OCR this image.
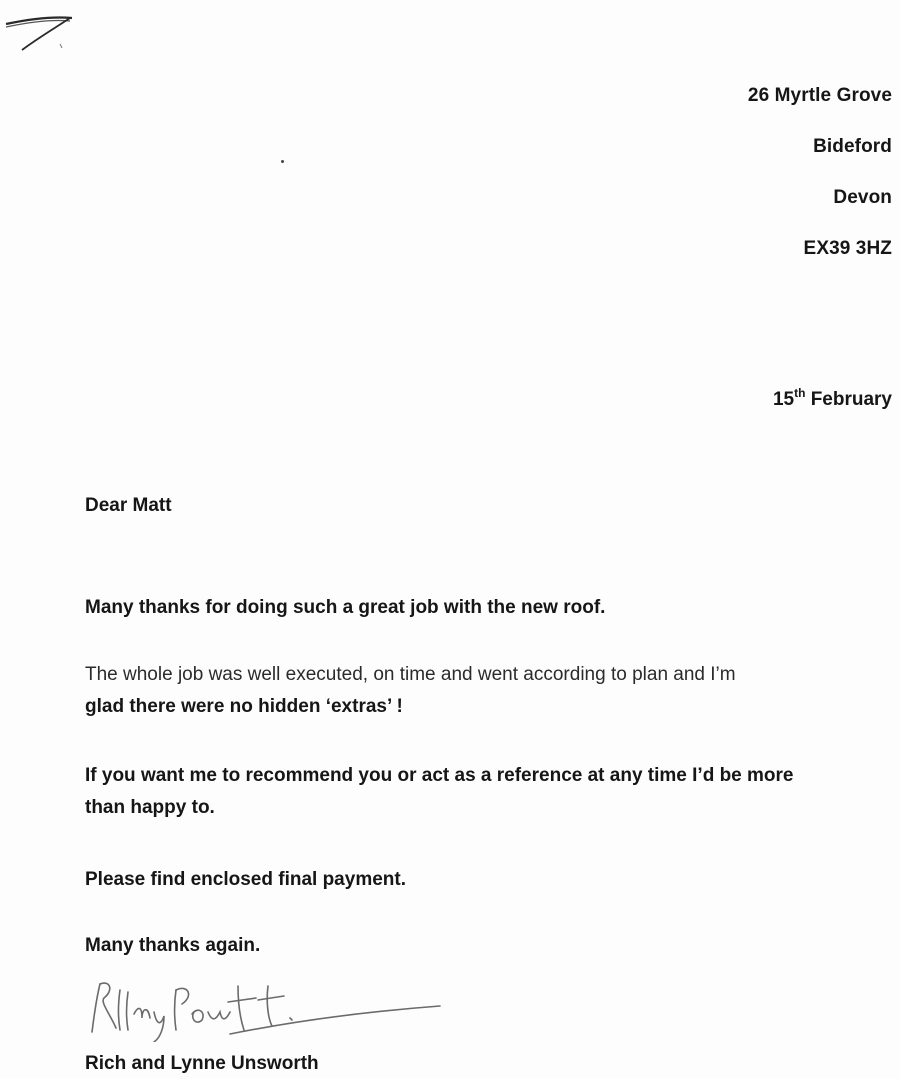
26 Myrtle Grove
Bideford
Devon
EX39 3HZ
15th February
Dear Matt
Many thanks for doing such a great job with the new roof.
The whole job was well executed, on time and went according to plan and I’m
glad there were no hidden ‘extras’ !
If you want me to recommend you or act as a reference at any time I’d be more
than happy to.
Please find enclosed final payment.
Many thanks again.
Rich and Lynne Unsworth
